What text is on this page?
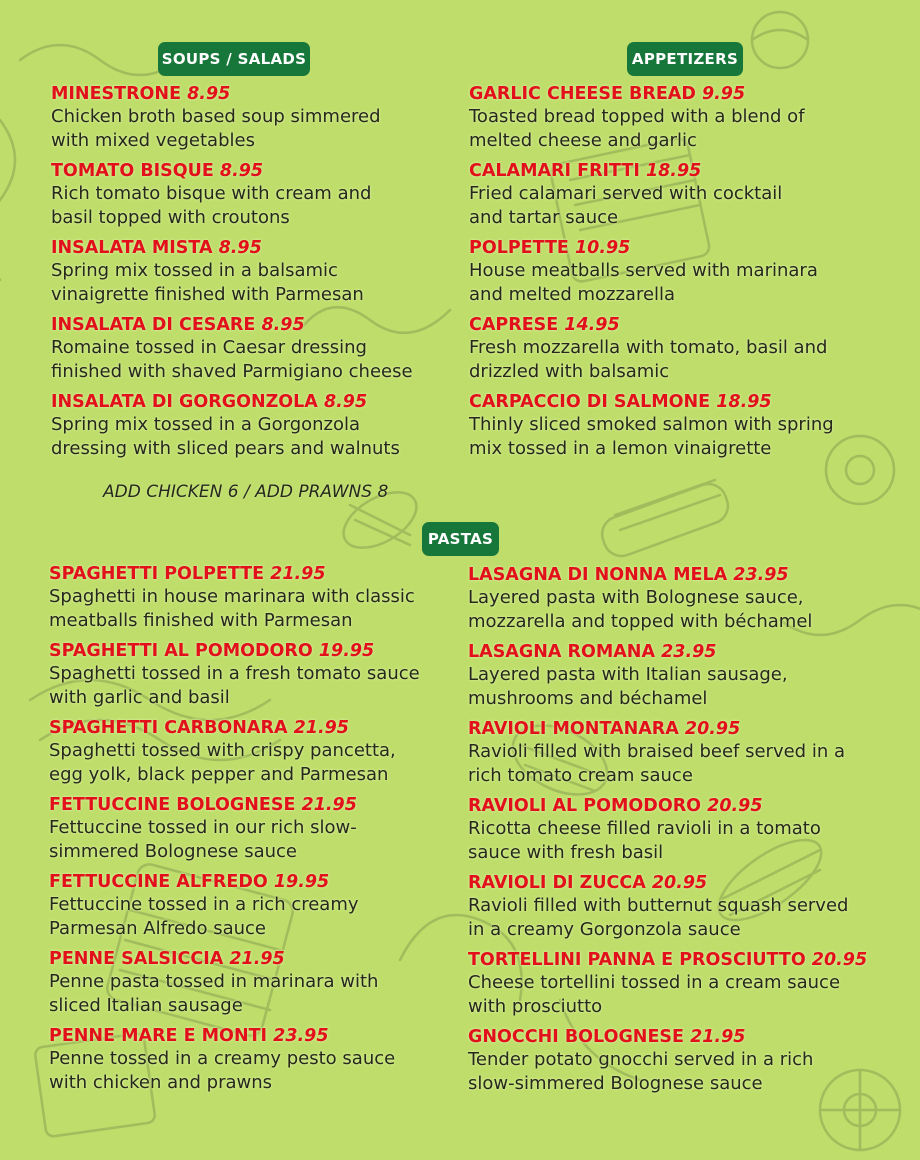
SOUPS / SALADS	APPETIZERS
PASTAS
MINESTRONE 8.95
Chicken broth based soup simmered
with mixed vegetables
TOMATO BISQUE 8.95
Rich tomato bisque with cream and
basil topped with croutons
INSALATA MISTA 8.95
Spring mix tossed in a balsamic
vinaigrette finished with Parmesan
INSALATA DI CESARE 8.95
Romaine tossed in Caesar dressing
finished with shaved Parmigiano cheese
INSALATA DI GORGONZOLA 8.95
Spring mix tossed in a Gorgonzola
dressing with sliced pears and walnuts
ADD CHICKEN 6 / ADD PRAWNS 8
GARLIC CHEESE BREAD 9.95
Toasted bread topped with a blend of
melted cheese and garlic
CALAMARI FRITTI 18.95
Fried calamari served with cocktail
and tartar sauce
POLPETTE 10.95
House meatballs served with marinara
and melted mozzarella
CAPRESE 14.95
Fresh mozzarella with tomato, basil and
drizzled with balsamic
CARPACCIO DI SALMONE 18.95
Thinly sliced smoked salmon with spring
mix tossed in a lemon vinaigrette
SPAGHETTI POLPETTE 21.95
Spaghetti in house marinara with classic
meatballs finished with Parmesan
SPAGHETTI AL POMODORO 19.95
Spaghetti tossed in a fresh tomato sauce
with garlic and basil
SPAGHETTI CARBONARA 21.95
Spaghetti tossed with crispy pancetta,
egg yolk, black pepper and Parmesan
FETTUCCINE BOLOGNESE 21.95
Fettuccine tossed in our rich slow-
simmered Bolognese sauce
FETTUCCINE ALFREDO 19.95
Fettuccine tossed in a rich creamy
Parmesan Alfredo sauce
PENNE SALSICCIA 21.95
Penne pasta tossed in marinara with
sliced Italian sausage
PENNE MARE E MONTI 23.95
Penne tossed in a creamy pesto sauce
with chicken and prawns
LASAGNA DI NONNA MELA 23.95
Layered pasta with Bolognese sauce,
mozzarella and topped with béchamel
LASAGNA ROMANA 23.95
Layered pasta with Italian sausage,
mushrooms and béchamel
RAVIOLI MONTANARA 20.95
Ravioli filled with braised beef served in a
rich tomato cream sauce
RAVIOLI AL POMODORO 20.95
Ricotta cheese filled ravioli in a tomato
sauce with fresh basil
RAVIOLI DI ZUCCA 20.95
Ravioli filled with butternut squash served
in a creamy Gorgonzola sauce
TORTELLINI PANNA E PROSCIUTTO 20.95
Cheese tortellini tossed in a cream sauce
with prosciutto
GNOCCHI BOLOGNESE 21.95
Tender potato gnocchi served in a rich
slow-simmered Bolognese sauce
